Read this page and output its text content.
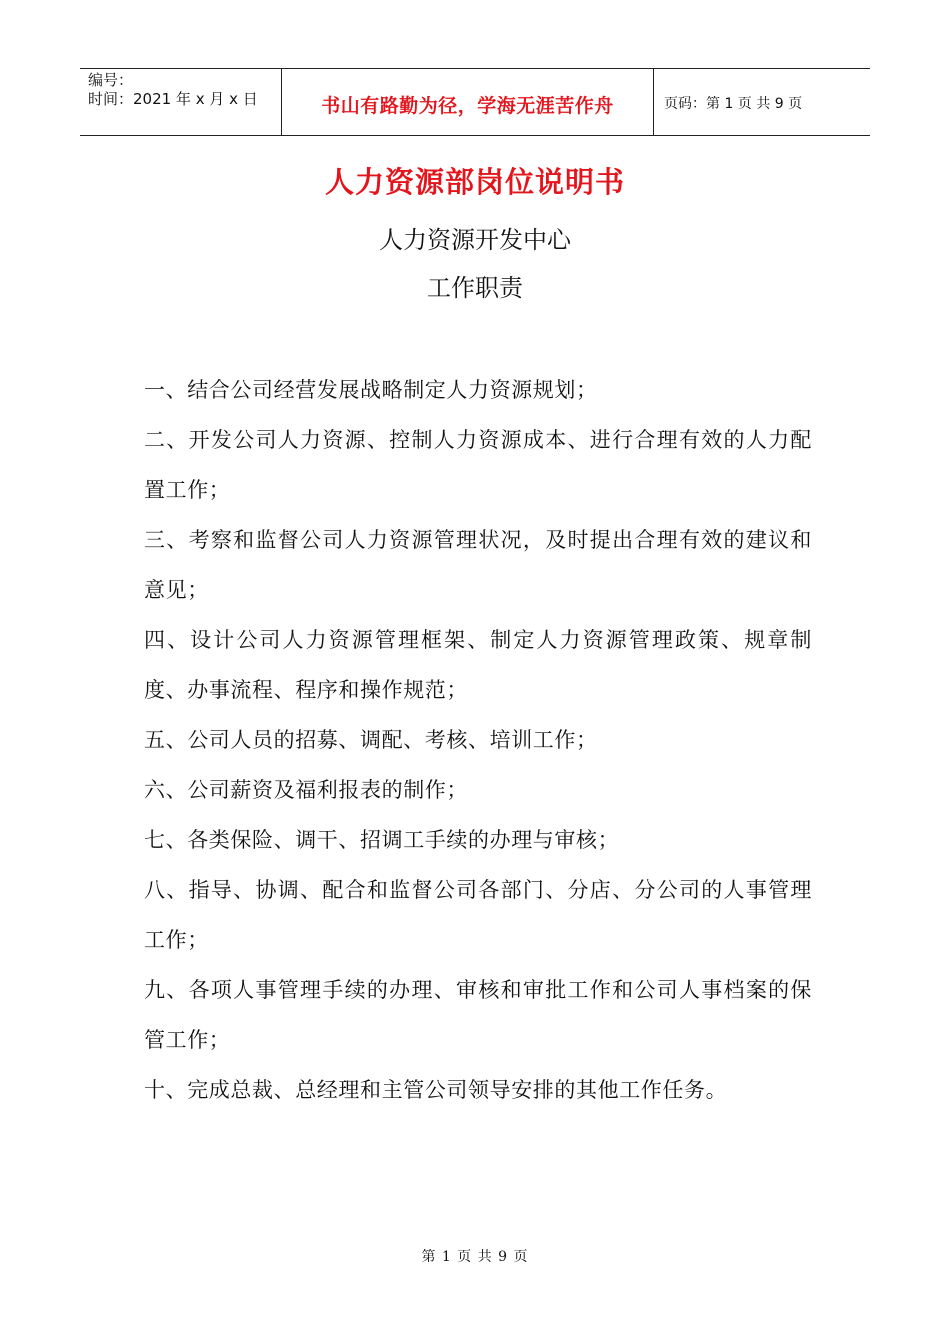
编号：
时间：2021 年 x 月 x 日	书山有路勤为径，学海无涯苦作舟	页码：第 1 页 共 9 页
人力资源部岗位说明书
人力资源开发中心
工作职责
一、结合公司经营发展战略制定人力资源规划；
二、开发公司人力资源、控制人力资源成本、进行合理有效的人力配置工作；
三、考察和监督公司人力资源管理状况，及时提出合理有效的建议和意见；
四、设计公司人力资源管理框架、制定人力资源管理政策、规章制度、办事流程、程序和操作规范；
五、公司人员的招募、调配、考核、培训工作；
六、公司薪资及福利报表的制作；
七、各类保险、调干、招调工手续的办理与审核；
八、指导、协调、配合和监督公司各部门、分店、分公司的人事管理工作；
九、各项人事管理手续的办理、审核和审批工作和公司人事档案的保管工作；
十、完成总裁、总经理和主管公司领导安排的其他工作任务。
第 1 页 共 9 页
